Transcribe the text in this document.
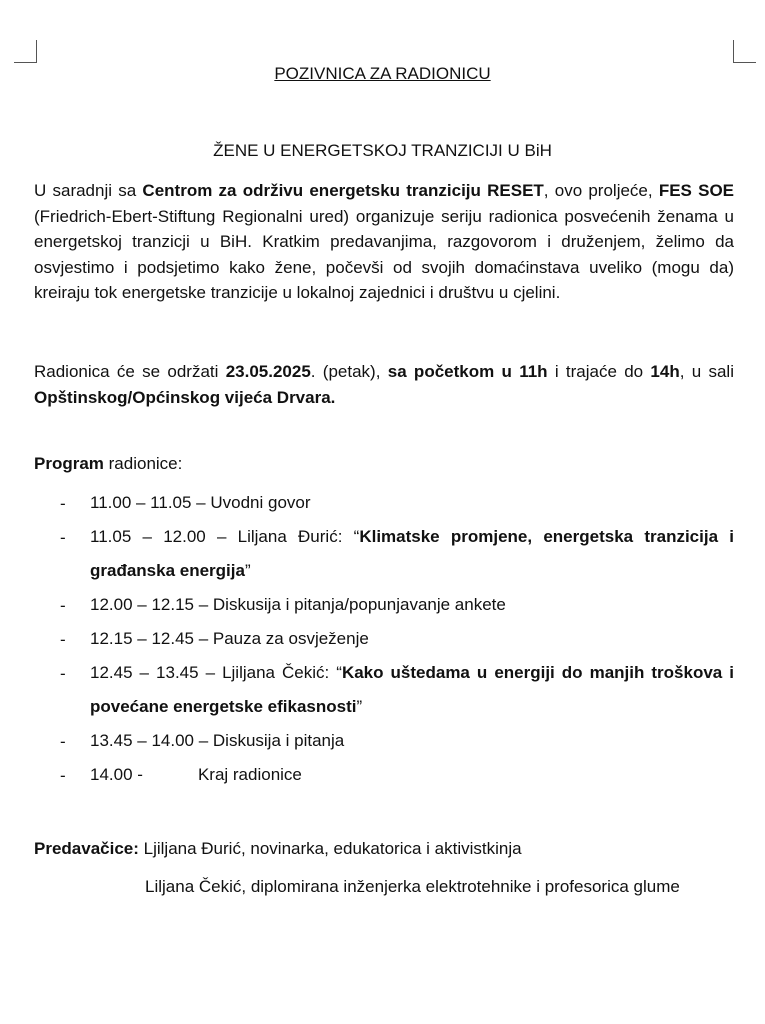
POZIVNICA ZA RADIONICU
ŽENE U ENERGETSKOJ TRANZICIJI U BiH
U saradnji sa Centrom za održivu energetsku tranziciju RESET, ovo proljeće, FES SOE (Friedrich-Ebert-Stiftung Regionalni ured) organizuje seriju radionica posvećenih ženama u energetskoj tranzicji u BiH. Kratkim predavanjima, razgovorom i druženjem, želimo da osvjestimo i podsjetimo kako žene, počevši od svojih domaćinstava uveliko (mogu da) kreiraju tok energetske tranzicije u lokalnoj zajednici i društvu u cjelini.
Radionica će se održati 23.05.2025. (petak), sa početkom u 11h i trajaće do 14h, u sali Opštinskog/Općinskog vijeća Drvara.
Program radionice:
- 11.00 – 11.05 – Uvodni govor
- 11.05 – 12.00 – Liljana Đurić: “Klimatske promjene, energetska tranzicija i građanska energija”
- 12.00 – 12.15 – Diskusija i pitanja/popunjavanje ankete
- 12.15 – 12.45 – Pauza za osvježenje
- 12.45 – 13.45 – Ljiljana Čekić: “Kako uštedama u energiji do manjih troškova i povećane energetske efikasnosti”
- 13.45 – 14.00 – Diskusija i pitanja
- 14.00 -	Kraj radionice
Predavačice: Ljiljana Đurić, novinarka, edukatorica i aktivistkinja
Liljana Čekić, diplomirana inženjerka elektrotehnike i profesorica glume
